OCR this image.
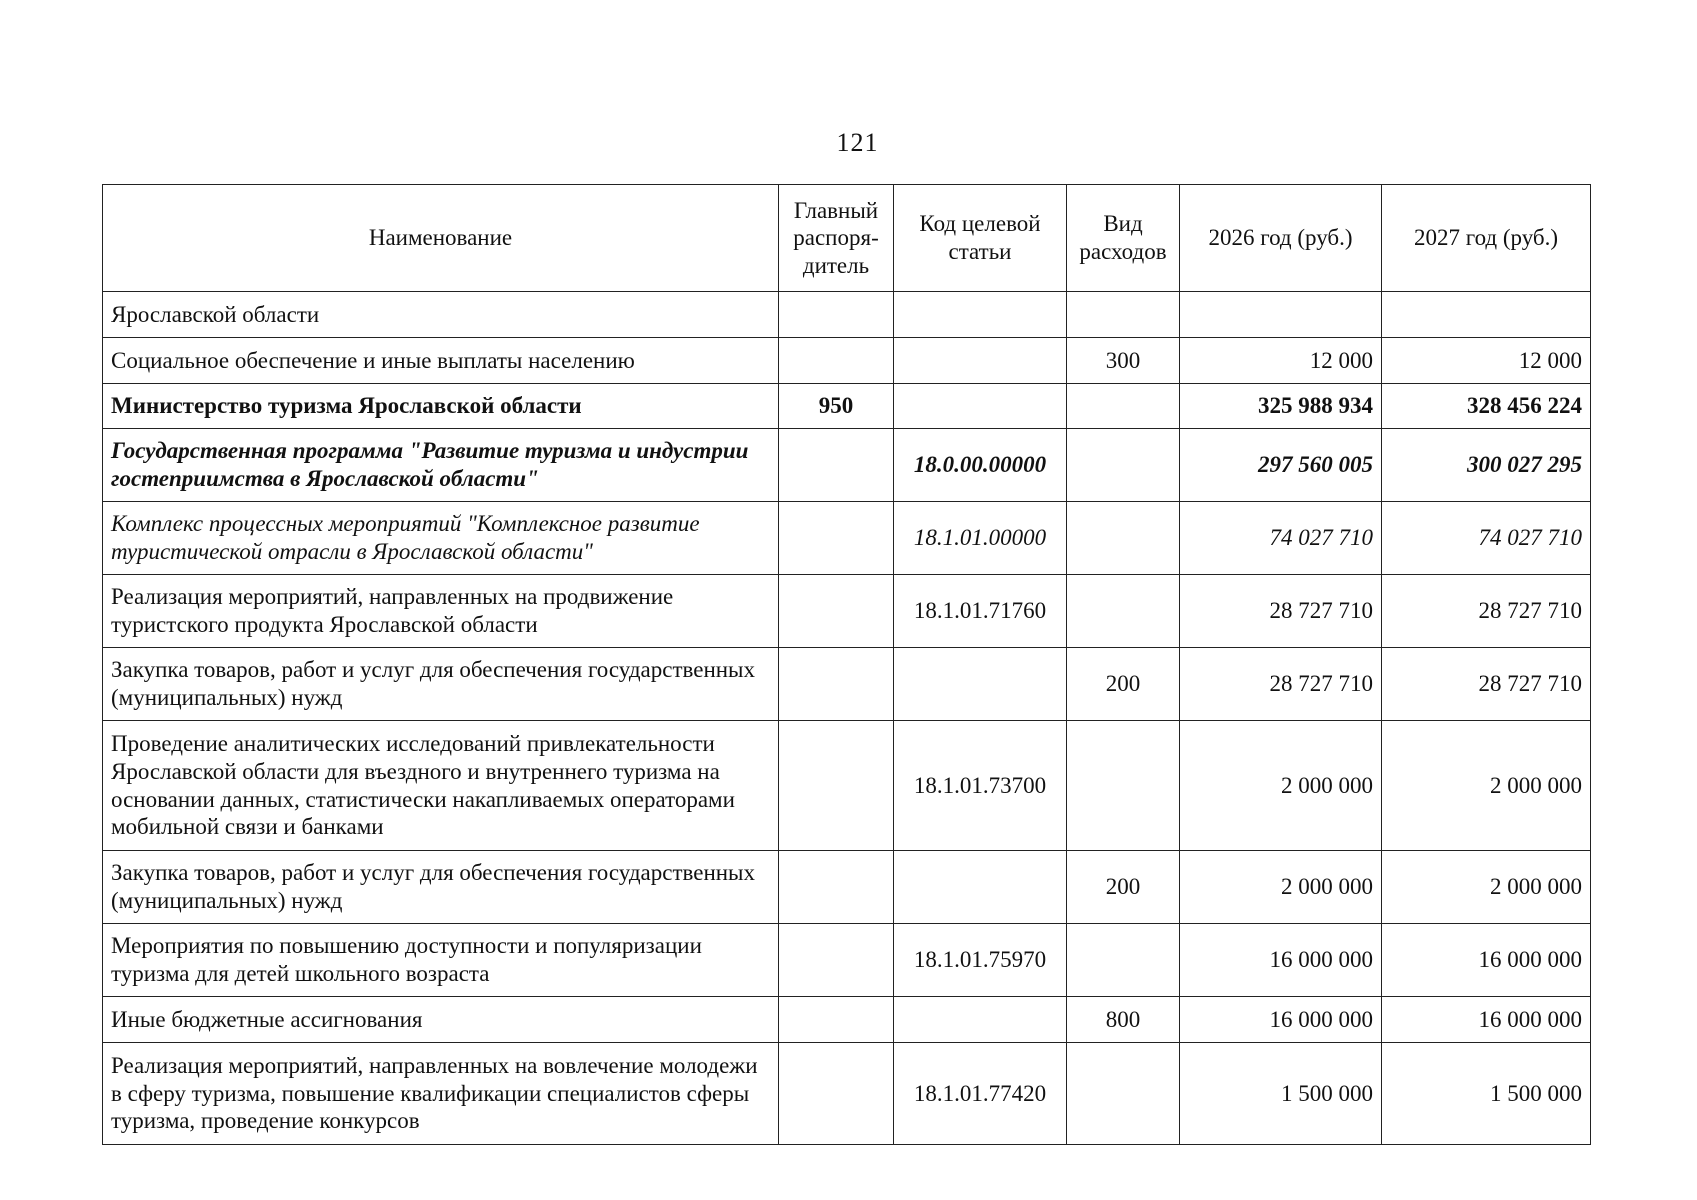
121
Наименование	Главный распоря-дитель	Код целевой статьи	Вид расходов	2026 год (руб.)	2027 год (руб.)
Ярославской области					
Социальное обеспечение и иные выплаты населению			300	12 000	12 000
Министерство туризма Ярославской области	950			325 988 934	328 456 224
Государственная программа "Развитие туризма и индустрии гостеприимства в Ярославской области"		18.0.00.00000		297 560 005	300 027 295
Комплекс процессных мероприятий "Комплексное развитие туристической отрасли в Ярославской области"		18.1.01.00000		74 027 710	74 027 710
Реализация мероприятий, направленных на продвижение туристского продукта Ярославской области		18.1.01.71760		28 727 710	28 727 710
Закупка товаров, работ и услуг для обеспечения государственных (муниципальных) нужд			200	28 727 710	28 727 710
Проведение аналитических исследований привлекательности Ярославской области для въездного и внутреннего туризма на основании данных, статистически накапливаемых операторами мобильной связи и банками		18.1.01.73700		2 000 000	2 000 000
Закупка товаров, работ и услуг для обеспечения государственных (муниципальных) нужд			200	2 000 000	2 000 000
Мероприятия по повышению доступности и популяризации туризма для детей школьного возраста		18.1.01.75970		16 000 000	16 000 000
Иные бюджетные ассигнования			800	16 000 000	16 000 000
Реализация мероприятий, направленных на вовлечение молодежи в сферу туризма, повышение квалификации специалистов сферы туризма, проведение конкурсов		18.1.01.77420		1 500 000	1 500 000
